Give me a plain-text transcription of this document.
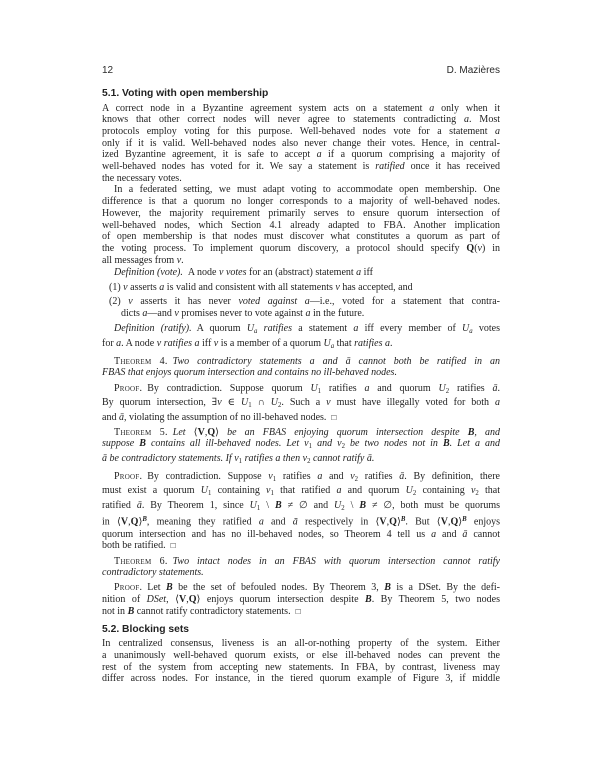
12	D. Mazières
5.1. Voting with open membership
A correct node in a Byzantine agreement system acts on a statement a only when it
knows that other correct nodes will never agree to statements contradicting a. Most
protocols employ voting for this purpose. Well-behaved nodes vote for a statement a
only if it is valid. Well-behaved nodes also never change their votes. Hence, in central-
ized Byzantine agreement, it is safe to accept a if a quorum comprising a majority of
well-behaved nodes has voted for it. We say a statement is ratified once it has received
the necessary votes.
In a federated setting, we must adapt voting to accommodate open membership. One
difference is that a quorum no longer corresponds to a majority of well-behaved nodes.
However, the majority requirement primarily serves to ensure quorum intersection of
well-behaved nodes, which Section 4.1 already adapted to FBA. Another implication
of open membership is that nodes must discover what constitutes a quorum as part of
the voting process. To implement quorum discovery, a protocol should specify Q(v) in
all messages from v.
Definition (vote). A node v votes for an (abstract) statement a iff
(1) v asserts a is valid and consistent with all statements v has accepted, and
(2) v asserts it has never voted against a—i.e., voted for a statement that contra-
dicts a—and v promises never to vote against a in the future.
Definition (ratify). A quorum Ua ratifies a statement a iff every member of Ua votes
for a. A node v ratifies a iff v is a member of a quorum Ua that ratifies a.
Theorem 4.  Two contradictory statements a and ā cannot both be ratified in an
FBAS that enjoys quorum intersection and contains no ill-behaved nodes.
Proof. By contradiction. Suppose quorum U1 ratifies a and quorum U2 ratifies ā.
By quorum intersection, ∃v ∈ U1 ∩ U2. Such a v must have illegally voted for both a
and ā, violating the assumption of no ill-behaved nodes. □
Theorem 5.  Let ⟨V,Q⟩ be an FBAS enjoying quorum intersection despite B, and
suppose B contains all ill-behaved nodes. Let v1 and v2 be two nodes not in B. Let a and
ā be contradictory statements. If v1 ratifies a then v2 cannot ratify ā.
Proof. By contradiction. Suppose v1 ratifies a and v2 ratifies ā. By definition, there
must exist a quorum U1 containing v1 that ratified a and quorum U2 containing v2 that
ratified ā. By Theorem 1, since U1 \ B ≠ ∅ and U2 \ B ≠ ∅, both must be quorums
in ⟨V,Q⟩$^B$, meaning they ratified a and ā respectively in ⟨V,Q⟩$^B$. But ⟨V,Q⟩$^B$ enjoys
quorum intersection and has no ill-behaved nodes, so Theorem 4 tell us a and ā cannot
both be ratified. □
Theorem 6.  Two intact nodes in an FBAS with quorum intersection cannot ratify
contradictory statements.
Proof. Let B be the set of befouled nodes. By Theorem 3, B is a DSet. By the defi-
nition of DSet, ⟨V,Q⟩ enjoys quorum intersection despite B. By Theorem 5, two nodes
not in B cannot ratify contradictory statements. □
5.2. Blocking sets
In centralized consensus, liveness is an all-or-nothing property of the system. Either
a unanimously well-behaved quorum exists, or else ill-behaved nodes can prevent the
rest of the system from accepting new statements. In FBA, by contrast, liveness may
differ across nodes. For instance, in the tiered quorum example of Figure 3, if middle
